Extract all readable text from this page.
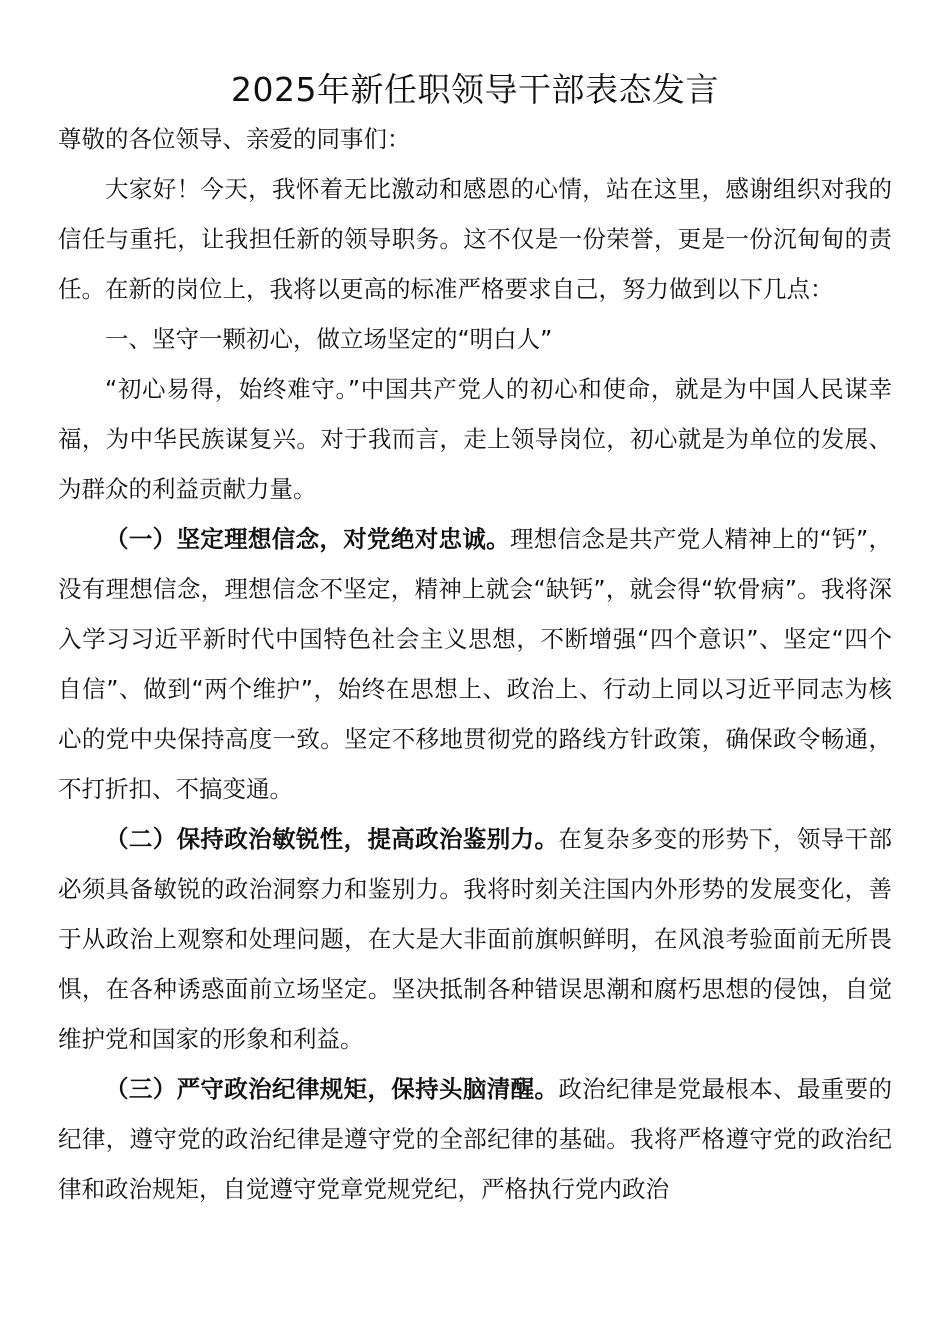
2025年新任职领导干部表态发言

尊敬的各位领导、亲爱的同事们：

大家好！今天，我怀着无比激动和感恩的心情，站在这里，感谢组织对我的信任与重托，让我担任新的领导职务。这不仅是一份荣誉，更是一份沉甸甸的责任。在新的岗位上，我将以更高的标准严格要求自己，努力做到以下几点：

一、坚守一颗初心，做立场坚定的“明白人”

“初心易得，始终难守。”中国共产党人的初心和使命，就是为中国人民谋幸福，为中华民族谋复兴。对于我而言，走上领导岗位，初心就是为单位的发展、为群众的利益贡献力量。

（一）坚定理想信念，对党绝对忠诚。理想信念是共产党人精神上的“钙”，没有理想信念，理想信念不坚定，精神上就会“缺钙”，就会得“软骨病”。我将深入学习习近平新时代中国特色社会主义思想，不断增强“四个意识”、坚定“四个自信”、做到“两个维护”，始终在思想上、政治上、行动上同以习近平同志为核心的党中央保持高度一致。坚定不移地贯彻党的路线方针政策，确保政令畅通，不打折扣、不搞变通。

（二）保持政治敏锐性，提高政治鉴别力。在复杂多变的形势下，领导干部必须具备敏锐的政治洞察力和鉴别力。我将时刻关注国内外形势的发展变化，善于从政治上观察和处理问题，在大是大非面前旗帜鲜明，在风浪考验面前无所畏惧，在各种诱惑面前立场坚定。坚决抵制各种错误思潮和腐朽思想的侵蚀，自觉维护党和国家的形象和利益。

（三）严守政治纪律规矩，保持头脑清醒。政治纪律是党最根本、最重要的纪律，遵守党的政治纪律是遵守党的全部纪律的基础。我将严格遵守党的政治纪律和政治规矩，自觉遵守党章党规党纪，严格执行党内政治
